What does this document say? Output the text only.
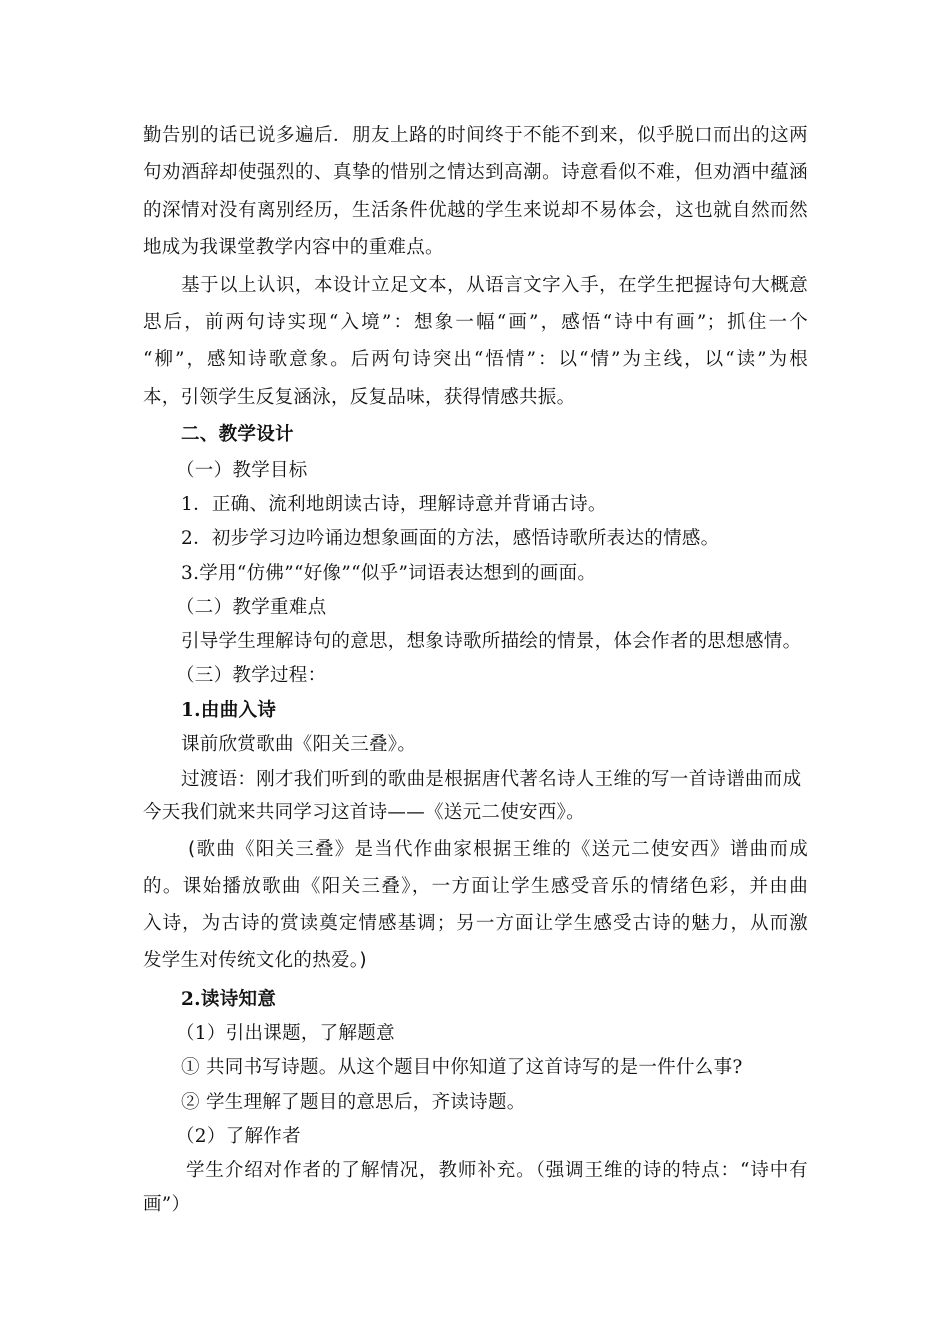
勤告别的话已说多遍后．朋友上路的时间终于不能不到来，似乎脱口而出的这两
句劝酒辞却使强烈的、真挚的惜别之情达到高潮。诗意看似不难，但劝酒中蕴涵
的深情对没有离别经历，生活条件优越的学生来说却不易体会，这也就自然而然
地成为我课堂教学内容中的重难点。
基于以上认识，本设计立足文本，从语言文字入手，在学生把握诗句大概意
思后，前两句诗实现“入境”：想象一幅“画”，感悟“诗中有画”；抓住一个
“柳”，感知诗歌意象。后两句诗突出“悟情”：以“情”为主线，以“读”为根
本，引领学生反复涵泳，反复品味，获得情感共振。
二、教学设计
（一）教学目标
1．正确、流利地朗读古诗，理解诗意并背诵古诗。
2．初步学习边吟诵边想象画面的方法，感悟诗歌所表达的情感。
3.学用“仿佛”“好像”“似乎”词语表达想到的画面。
（二）教学重难点
引导学生理解诗句的意思，想象诗歌所描绘的情景，体会作者的思想感情。
（三）教学过程：
1.由曲入诗
课前欣赏歌曲《阳关三叠》。
过渡语：刚才我们听到的歌曲是根据唐代著名诗人王维的写一首诗谱曲而成
今天我们就来共同学习这首诗——《送元二使安西》。
(歌曲《阳关三叠》是当代作曲家根据王维的《送元二使安西》谱曲而成
的。课始播放歌曲《阳关三叠》，一方面让学生感受音乐的情绪色彩，并由曲
入诗，为古诗的赏读奠定情感基调；另一方面让学生感受古诗的魅力，从而激
发学生对传统文化的热爱。)
2.读诗知意
（1）引出课题，了解题意
① 共同书写诗题。从这个题目中你知道了这首诗写的是一件什么事?
② 学生理解了题目的意思后，齐读诗题。
（2）了解作者
学生介绍对作者的了解情况，教师补充。（强调王维的诗的特点：“诗中有
画”）
